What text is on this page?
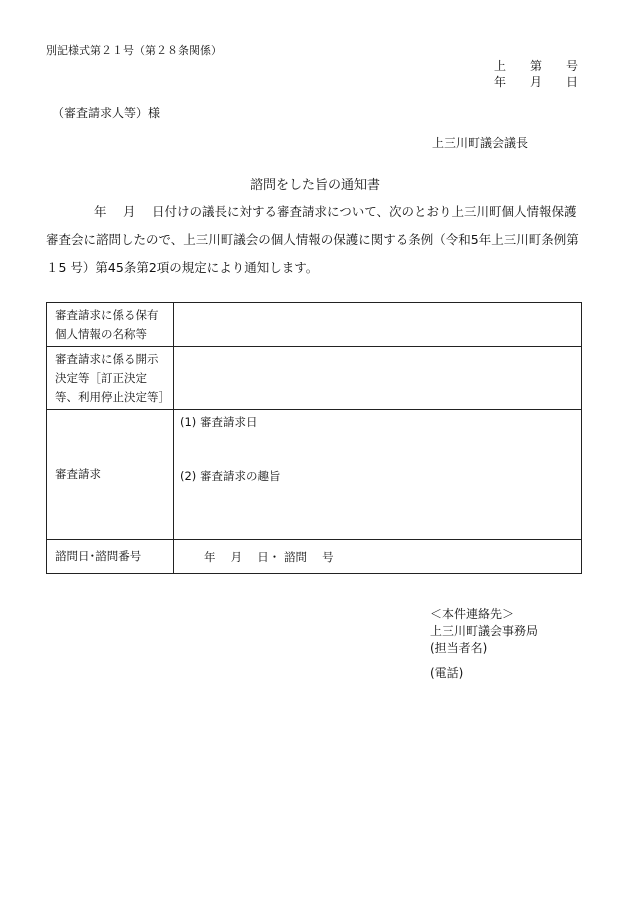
別記様式第２１号（第２８条関係）
上　　第　　号
年　　月　　日
（審査請求人等）様
上三川町議会議長
諮問をした旨の通知書
年　 月　 日付けの議長に対する審査請求について、次のとおり上三川町個人情報保護審査会に諮問したので、上三川町議会の個人情報の保護に関する条例（令和5年上三川町条例第１5 号）第45条第2項の規定により通知します。
審査請求に係る保有個人情報の名称等	
審査請求に係る開示決定等［訂正決定等、利用停止決定等］	
審査請求	(1) 審査請求日
(2) 審査請求の趣旨

諮問日･諮問番号	年　 月　 日・ 諮問　 号
＜本件連絡先＞
上三川町議会事務局
(担当者名)
(電話)
